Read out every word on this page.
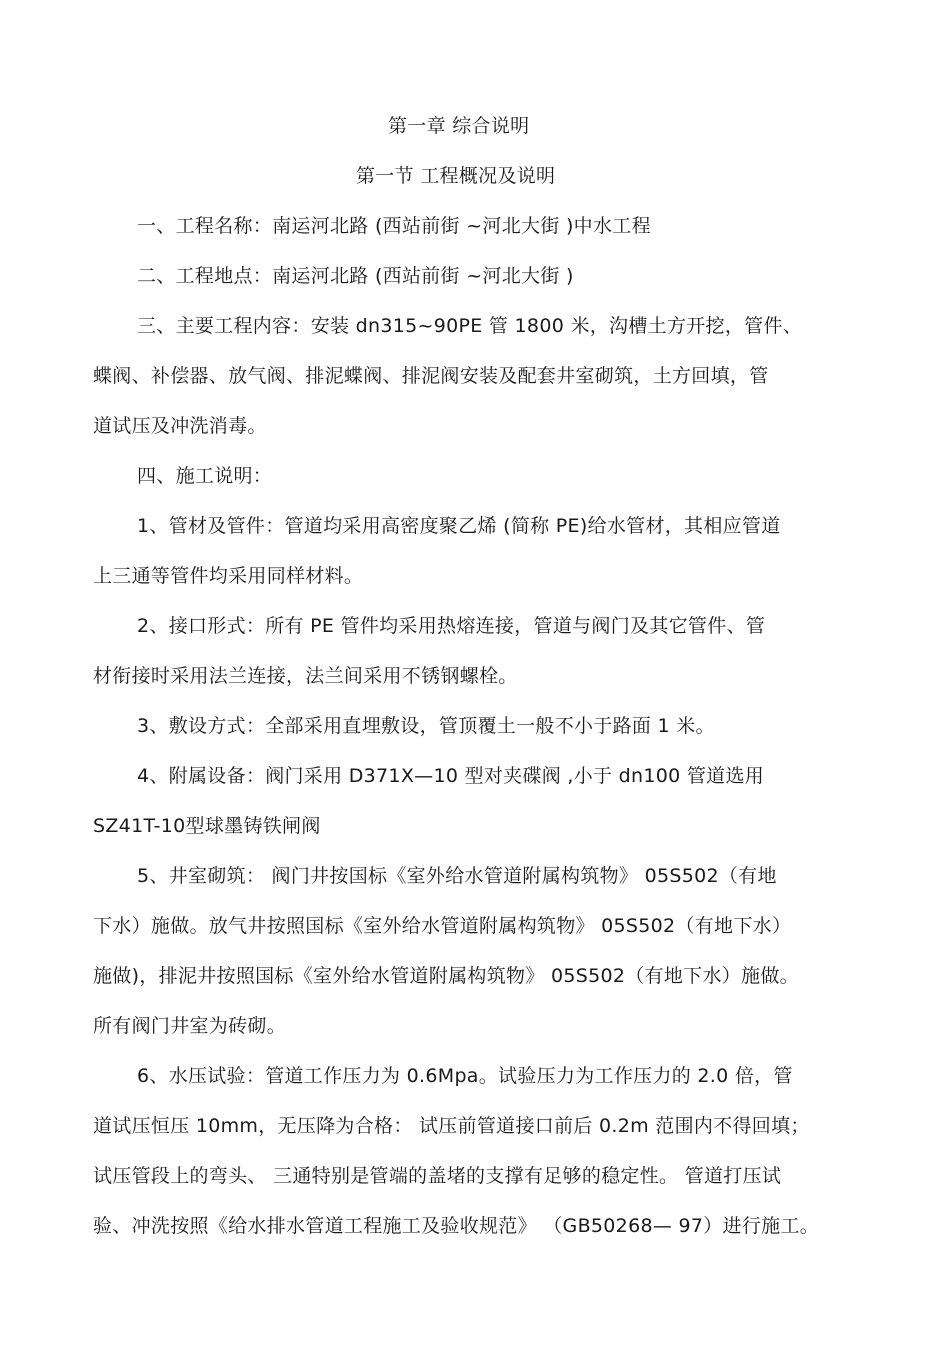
第一章 综合说明
第一节 工程概况及说明
一、工程名称：南运河北路 (西站前街 ~河北大街 )中水工程
二、工程地点：南运河北路 (西站前街 ~河北大街 )
三、主要工程内容：安装 dn315~90PE 管 1800 米，沟槽土方开挖，管件、
蝶阀、补偿器、放气阀、排泥蝶阀、排泥阀安装及配套井室砌筑，土方回填，管
道试压及冲洗消毒。
四、施工说明：
1、管材及管件：管道均采用高密度聚乙烯 (简称 PE)给水管材，其相应管道
上三通等管件均采用同样材料。
2、接口形式：所有 PE 管件均采用热熔连接，管道与阀门及其它管件、管
材衔接时采用法兰连接，法兰间采用不锈钢螺栓。
3、敷设方式：全部采用直埋敷设，管顶覆土一般不小于路面 1 米。
4、附属设备：阀门采用 D371X—10 型对夹碟阀 ,小于 dn100 管道选用
SZ41T-10型球墨铸铁闸阀
5、井室砌筑： 阀门井按国标《室外给水管道附属构筑物》 05S502（有地
下水）施做。放气井按照国标《室外给水管道附属构筑物》 05S502（有地下水）
施做)，排泥井按照国标《室外给水管道附属构筑物》 05S502（有地下水）施做。
所有阀门井室为砖砌。
6、水压试验：管道工作压力为 0.6Mpa。试验压力为工作压力的 2.0 倍，管
道试压恒压 10mm，无压降为合格： 试压前管道接口前后 0.2m 范围内不得回填；
试压管段上的弯头、 三通特别是管端的盖堵的支撑有足够的稳定性。 管道打压试
验、冲洗按照《给水排水管道工程施工及验收规范》 （GB50268— 97）进行施工。
